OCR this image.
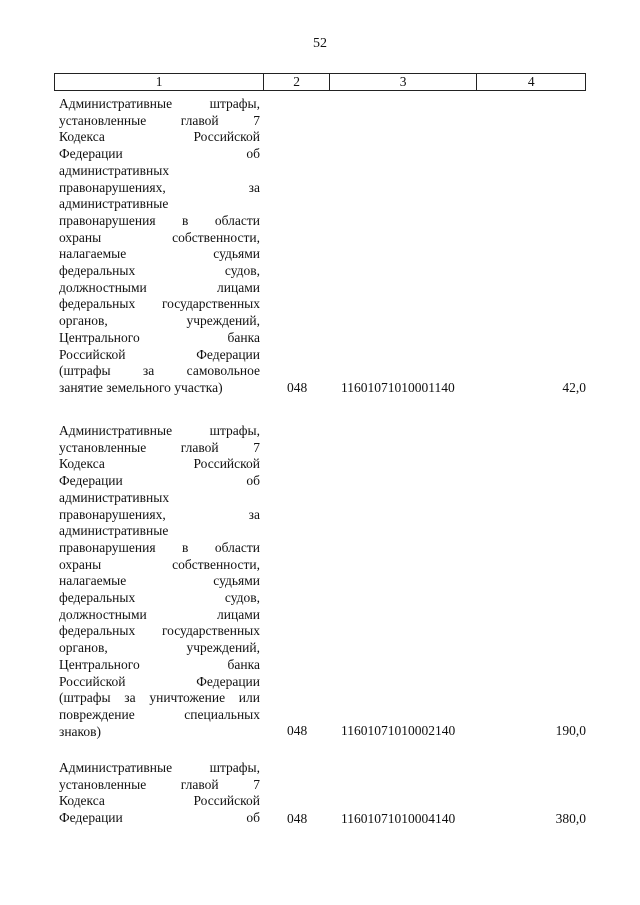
52
1	2	3	4
Административные штрафы,
установленные главой 7
Кодекса Российской
Федерации об
административных
правонарушениях, за
административные
правонарушения в области
охраны собственности,
налагаемые судьями
федеральных судов,
должностными лицами
федеральных государственных
органов, учреждений,
Центрального банка
Российской Федерации
(штрафы за самовольное
занятие земельного участка)	048	11601071010001140	42,0
Административные штрафы,
установленные главой 7
Кодекса Российской
Федерации об
административных
правонарушениях, за
административные
правонарушения в области
охраны собственности,
налагаемые судьями
федеральных судов,
должностными лицами
федеральных государственных
органов, учреждений,
Центрального банка
Российской Федерации
(штрафы за уничтожение или
повреждение специальных
знаков)	048	11601071010002140	190,0
Административные штрафы,
установленные главой 7
Кодекса Российской
Федерации об 048	11601071010004140	380,0
